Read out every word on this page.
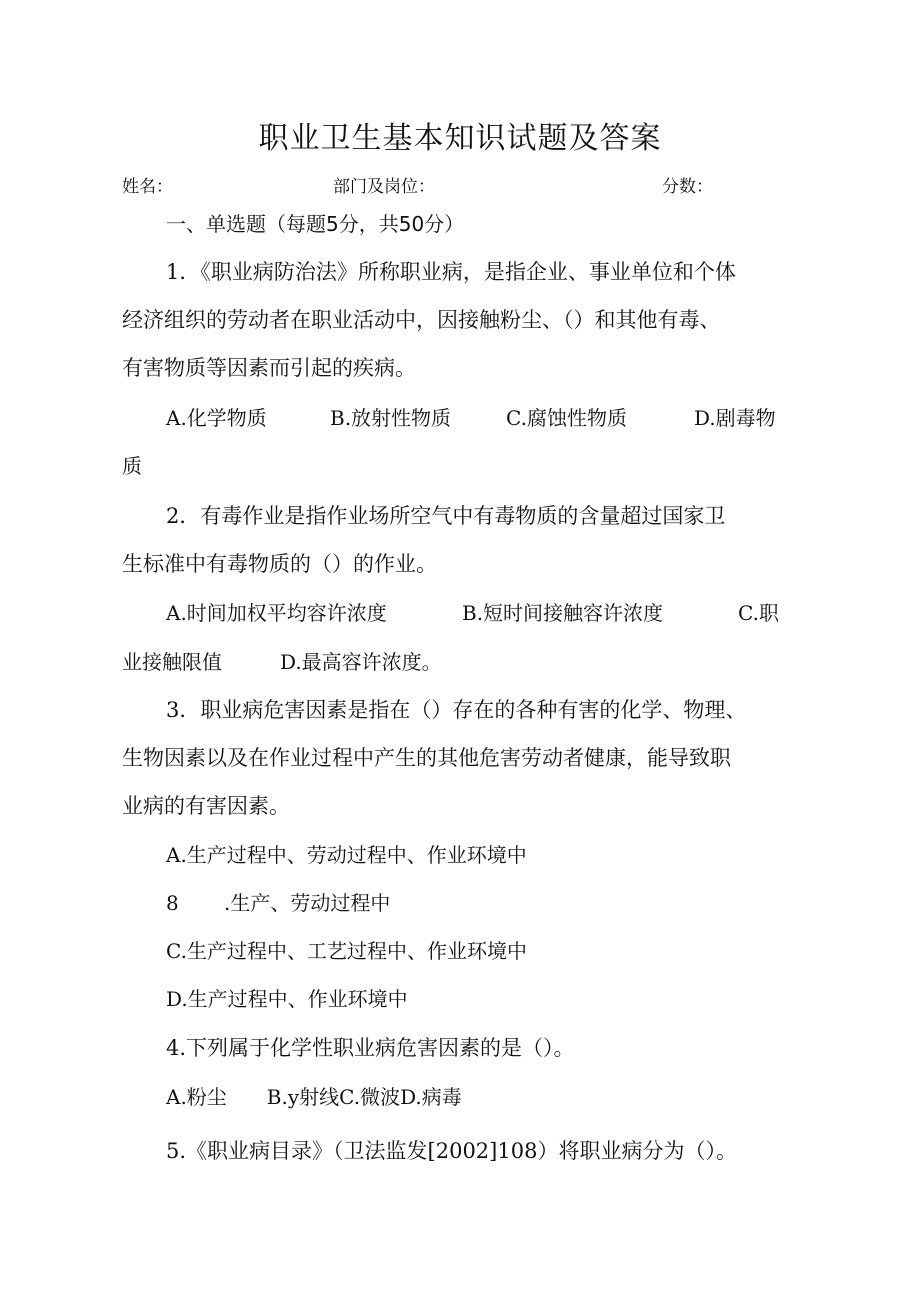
职业卫生基本知识试题及答案
姓名：	部门及岗位：	分数：
一、单选题（每题5分，共50分）
1．《职业病防治法》所称职业病，是指企业、事业单位和个体
经济组织的劳动者在职业活动中，因接触粉尘、（）和其他有毒、
有害物质等因素而引起的疾病。
A.化学物质	B.放射性物质	C.腐蚀性物质	D.剧毒物
质
2．有毒作业是指作业场所空气中有毒物质的含量超过国家卫
生标准中有毒物质的（）的作业。
A.时间加权平均容许浓度	B.短时间接触容许浓度	C.职
业接触限值	D.最高容许浓度。
3．职业病危害因素是指在（）存在的各种有害的化学、物理、
生物因素以及在作业过程中产生的其他危害劳动者健康，能导致职
业病的有害因素。
A.生产过程中、劳动过程中、作业环境中
8 .生产、劳动过程中
C.生产过程中、工艺过程中、作业环境中
D.生产过程中、作业环境中
4.下列属于化学性职业病危害因素的是（）。
A.粉尘　　B.y射线C.微波D.病毒
5.《职业病目录》（卫法监发[2002]108）将职业病分为（）。
